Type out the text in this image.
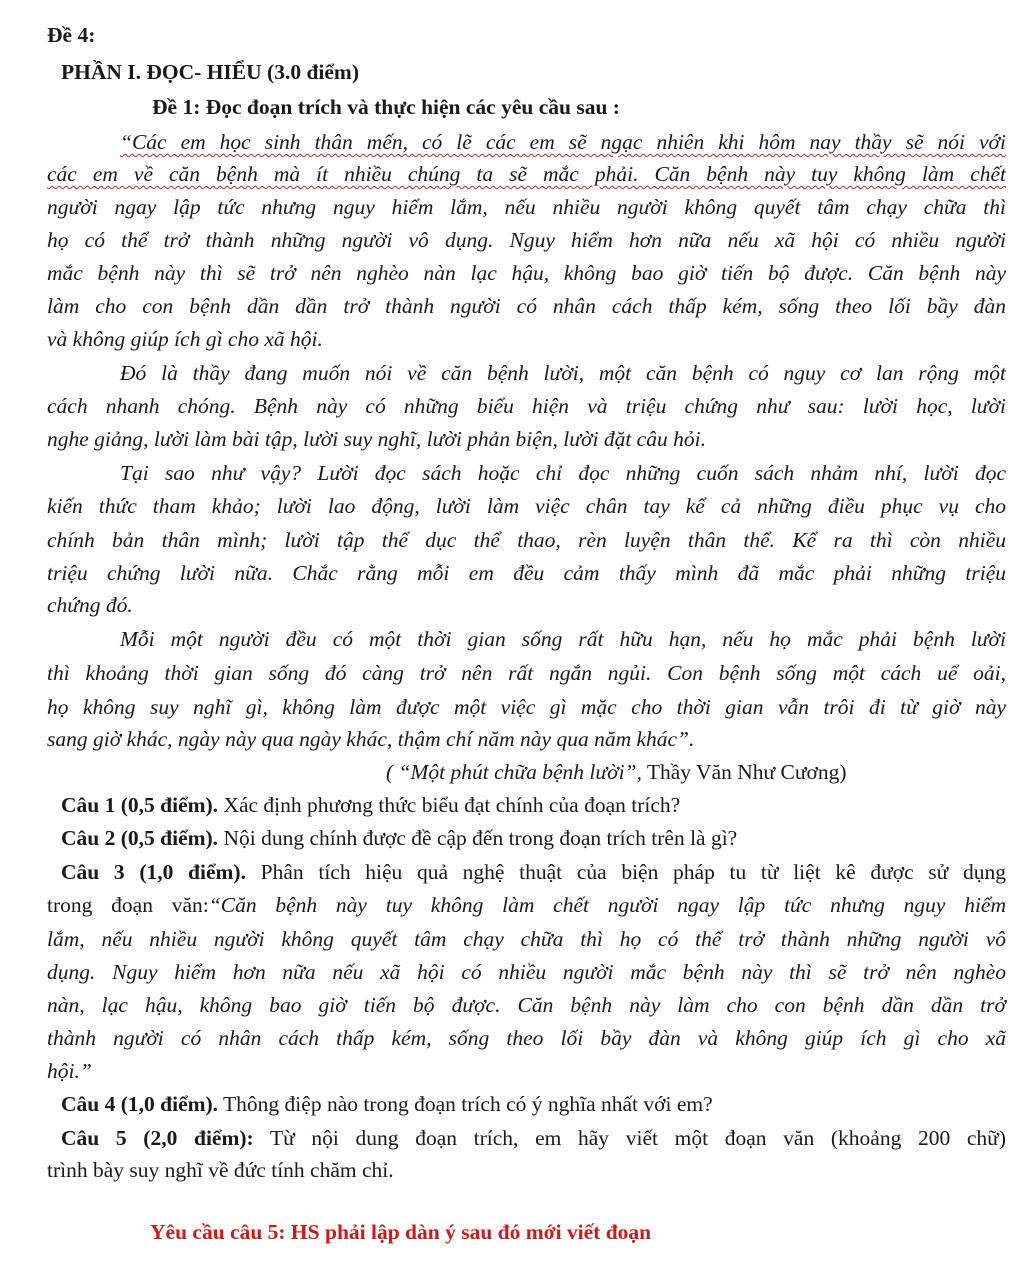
Đề 4:
PHẦN I. ĐỌC- HIỂU (3.0 điểm)
Đề 1: Đọc đoạn trích và thực hiện các yêu cầu sau :
“Các em học sinh thân mến, có lẽ các em sẽ ngạc nhiên khi hôm nay thầy sẽ nói với
các em về căn bệnh mà ít nhiều chúng ta sẽ mắc phải. Căn bệnh này tuy không làm chết
người ngay lập tức nhưng nguy hiểm lắm, nếu nhiều người không quyết tâm chạy chữa thì
họ có thể trở thành những người vô dụng. Nguy hiểm hơn nữa nếu xã hội có nhiều người
mắc bệnh này thì sẽ trở nên nghèo nàn lạc hậu, không bao giờ tiến bộ được. Căn bệnh này
làm cho con bệnh dần dần trở thành người có nhân cách thấp kém, sống theo lối bầy đàn
và không giúp ích gì cho xã hội.
Đó là thầy đang muốn nói về căn bệnh lười, một căn bệnh có nguy cơ lan rộng một
cách nhanh chóng. Bệnh này có những biểu hiện và triệu chứng như sau: lười học, lười
nghe giảng, lười làm bài tập, lười suy nghĩ, lười phản biện, lười đặt câu hỏi.
Tại sao như vậy? Lười đọc sách hoặc chỉ đọc những cuốn sách nhảm nhí, lười đọc
kiến thức tham khảo; lười lao động, lười làm việc chân tay kể cả những điều phục vụ cho
chính bản thân mình; lười tập thể dục thể thao, rèn luyện thân thể. Kể ra thì còn nhiều
triệu chứng lười nữa. Chắc rằng mỗi em đều cảm thấy mình đã mắc phải những triệu
chứng đó.
Mỗi một người đều có một thời gian sống rất hữu hạn, nếu họ mắc phải bệnh lười
thì khoảng thời gian sống đó càng trở nên rất ngắn ngủi. Con bệnh sống một cách uể oải,
họ không suy nghĩ gì, không làm được một việc gì mặc cho thời gian vẫn trôi đi từ giờ này
sang giờ khác, ngày này qua ngày khác, thậm chí năm này qua năm khác”.
( “Một phút chữa bệnh lười”, Thầy Văn Như Cương)
Câu 1 (0,5 điểm). Xác định phương thức biểu đạt chính của đoạn trích?
Câu 2 (0,5 điểm). Nội dung chính được đề cập đến trong đoạn trích trên là gì?
Câu 3 (1,0 điểm). Phân tích hiệu quả nghệ thuật của biện pháp tu từ liệt kê được sử dụng
trong đoạn văn:“Căn bệnh này tuy không làm chết người ngay lập tức nhưng nguy hiểm
lắm, nếu nhiều người không quyết tâm chạy chữa thì họ có thể trở thành những người vô
dụng. Nguy hiểm hơn nữa nếu xã hội có nhiều người mắc bệnh này thì sẽ trở nên nghèo
nàn, lạc hậu, không bao giờ tiến bộ được. Căn bệnh này làm cho con bệnh dần dần trở
thành người có nhân cách thấp kém, sống theo lối bầy đàn và không giúp ích gì cho xã
hội.”
Câu 4 (1,0 điểm). Thông điệp nào trong đoạn trích có ý nghĩa nhất với em?
Câu 5 (2,0 điểm): Từ nội dung đoạn trích, em hãy viết một đoạn văn (khoảng 200 chữ)
trình bày suy nghĩ về đức tính chăm chỉ.
Yêu cầu câu 5: HS phải lập dàn ý sau đó mới viết đoạn
